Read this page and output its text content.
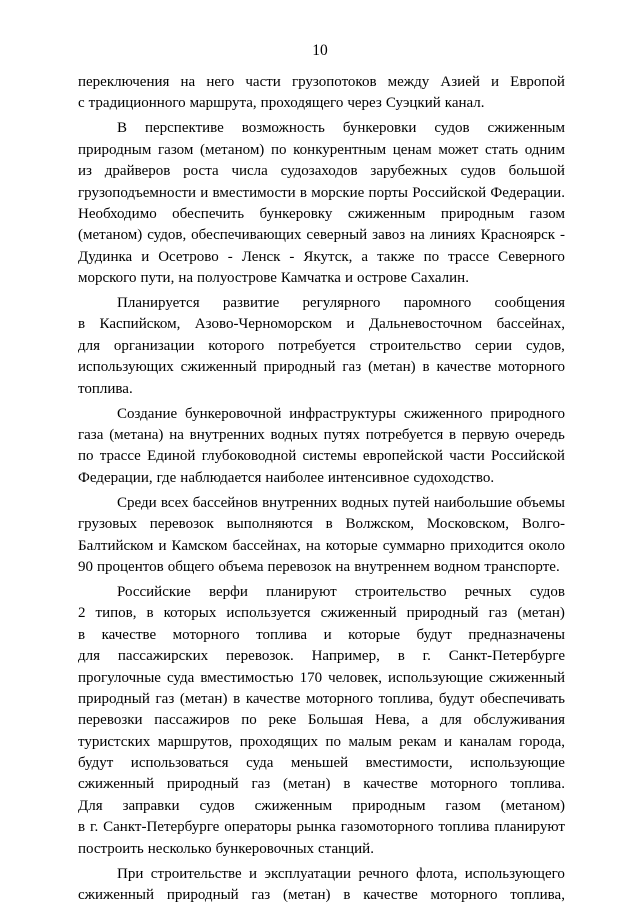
10
переключения на него части грузопотоков между Азией и Европой
с традиционного маршрута, проходящего через Суэцкий канал.
В перспективе возможность бункеровки судов сжиженным
природным газом (метаном) по конкурентным ценам может стать одним
из драйверов роста числа судозаходов зарубежных судов большой
грузоподъемности и вместимости в морские порты Российской Федерации.
Необходимо обеспечить бункеровку сжиженным природным газом
(метаном) судов, обеспечивающих северный завоз на линиях Красноярск -
Дудинка и Осетрово - Ленск - Якутск, а также по трассе Северного
морского пути, на полуострове Камчатка и острове Сахалин.
Планируется развитие регулярного паромного сообщения
в Каспийском, Азово-Черноморском и Дальневосточном бассейнах,
для организации которого потребуется строительство серии судов,
использующих сжиженный природный газ (метан) в качестве моторного
топлива.
Создание бункеровочной инфраструктуры сжиженного природного
газа (метана) на внутренних водных путях потребуется в первую очередь
по трассе Единой глубоководной системы европейской части Российской
Федерации, где наблюдается наиболее интенсивное судоходство.
Среди всех бассейнов внутренних водных путей наибольшие объемы
грузовых перевозок выполняются в Волжском, Московском, Волго-
Балтийском и Камском бассейнах, на которые суммарно приходится около
90 процентов общего объема перевозок на внутреннем водном транспорте.
Российские верфи планируют строительство речных судов
2 типов, в которых используется сжиженный природный газ (метан)
в качестве моторного топлива и которые будут предназначены
для пассажирских перевозок. Например, в г. Санкт-Петербурге
прогулочные суда вместимостью 170 человек, использующие сжиженный
природный газ (метан) в качестве моторного топлива, будут обеспечивать
перевозки пассажиров по реке Большая Нева, а для обслуживания
туристских маршрутов, проходящих по малым рекам и каналам города,
будут использоваться суда меньшей вместимости, использующие
сжиженный природный газ (метан) в качестве моторного топлива.
Для заправки судов сжиженным природным газом (метаном)
в г. Санкт-Петербурге операторы рынка газомоторного топлива планируют
построить несколько бункеровочных станций.
При строительстве и эксплуатации речного флота, использующего
сжиженный природный газ (метан) в качестве моторного топлива,
